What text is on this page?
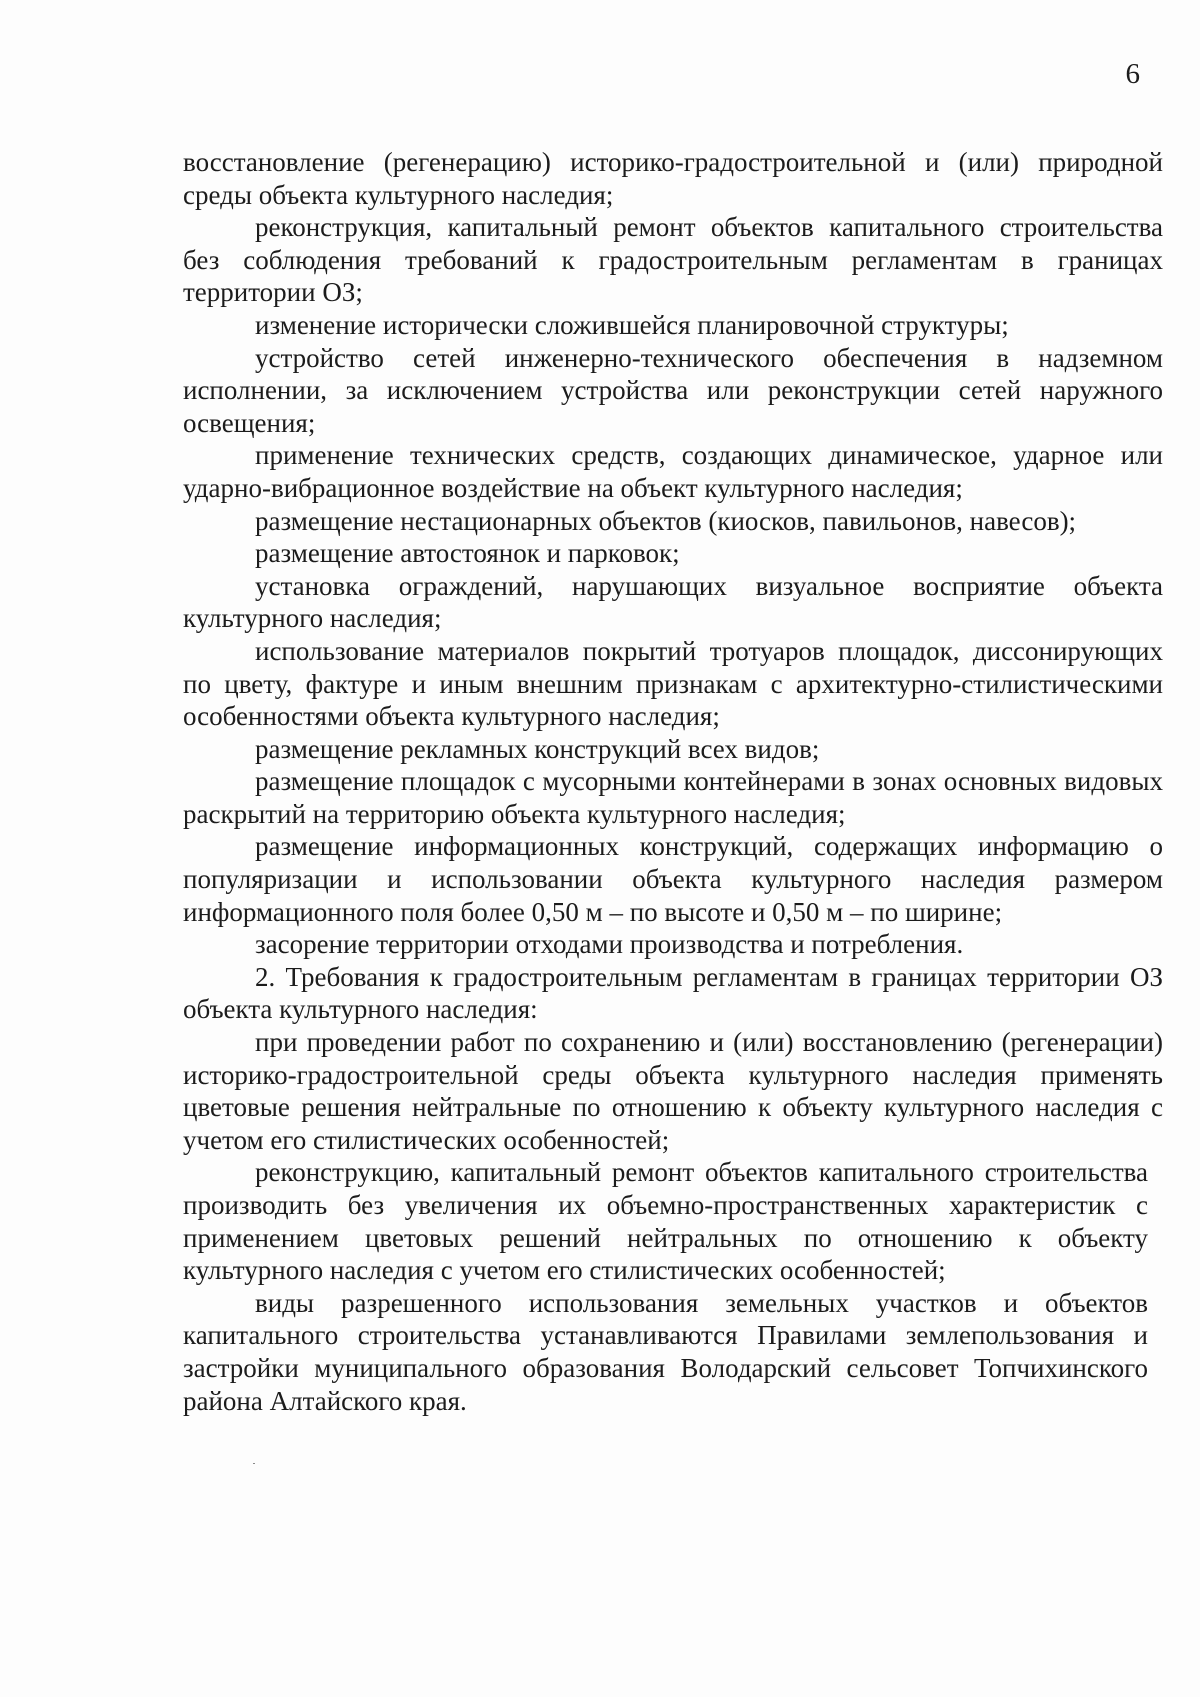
6

восстановление (регенерацию) историко-градостроительной и (или) природной среды объекта культурного наследия;

реконструкция, капитальный ремонт объектов капитального строительства без соблюдения требований к градостроительным регламентам в границах территории ОЗ;

изменение исторически сложившейся планировочной структуры;

устройство сетей инженерно-технического обеспечения в надземном исполнении, за исключением устройства или реконструкции сетей наружного освещения;

применение технических средств, создающих динамическое, ударное или ударно-вибрационное воздействие на объект культурного наследия;

размещение нестационарных объектов (киосков, павильонов, навесов);

размещение автостоянок и парковок;

установка ограждений, нарушающих визуальное восприятие объекта культурного наследия;

использование материалов покрытий тротуаров площадок, диссонирующих по цвету, фактуре и иным внешним признакам с архитектурно-стилистическими особенностями объекта культурного наследия;

размещение рекламных конструкций всех видов;

размещение площадок с мусорными контейнерами в зонах основных видовых раскрытий на территорию объекта культурного наследия;

размещение информационных конструкций, содержащих информацию о популяризации и использовании объекта культурного наследия размером информационного поля более 0,50 м – по высоте и 0,50 м – по ширине;

засорение территории отходами производства и потребления.

2. Требования к градостроительным регламентам в границах территории ОЗ объекта культурного наследия:

при проведении работ по сохранению и (или) восстановлению (регенерации) историко-градостроительной среды объекта культурного наследия применять цветовые решения нейтральные по отношению к объекту культурного наследия с учетом его стилистических особенностей;

реконструкцию, капитальный ремонт объектов капитального строительства производить без увеличения их объемно-пространственных характеристик с применением цветовых решений нейтральных по отношению к объекту культурного наследия с учетом его стилистических особенностей;

виды разрешенного использования земельных участков и объектов капитального строительства устанавливаются Правилами землепользования и застройки муниципального образования Володарский сельсовет Топчихинского района Алтайского края.
